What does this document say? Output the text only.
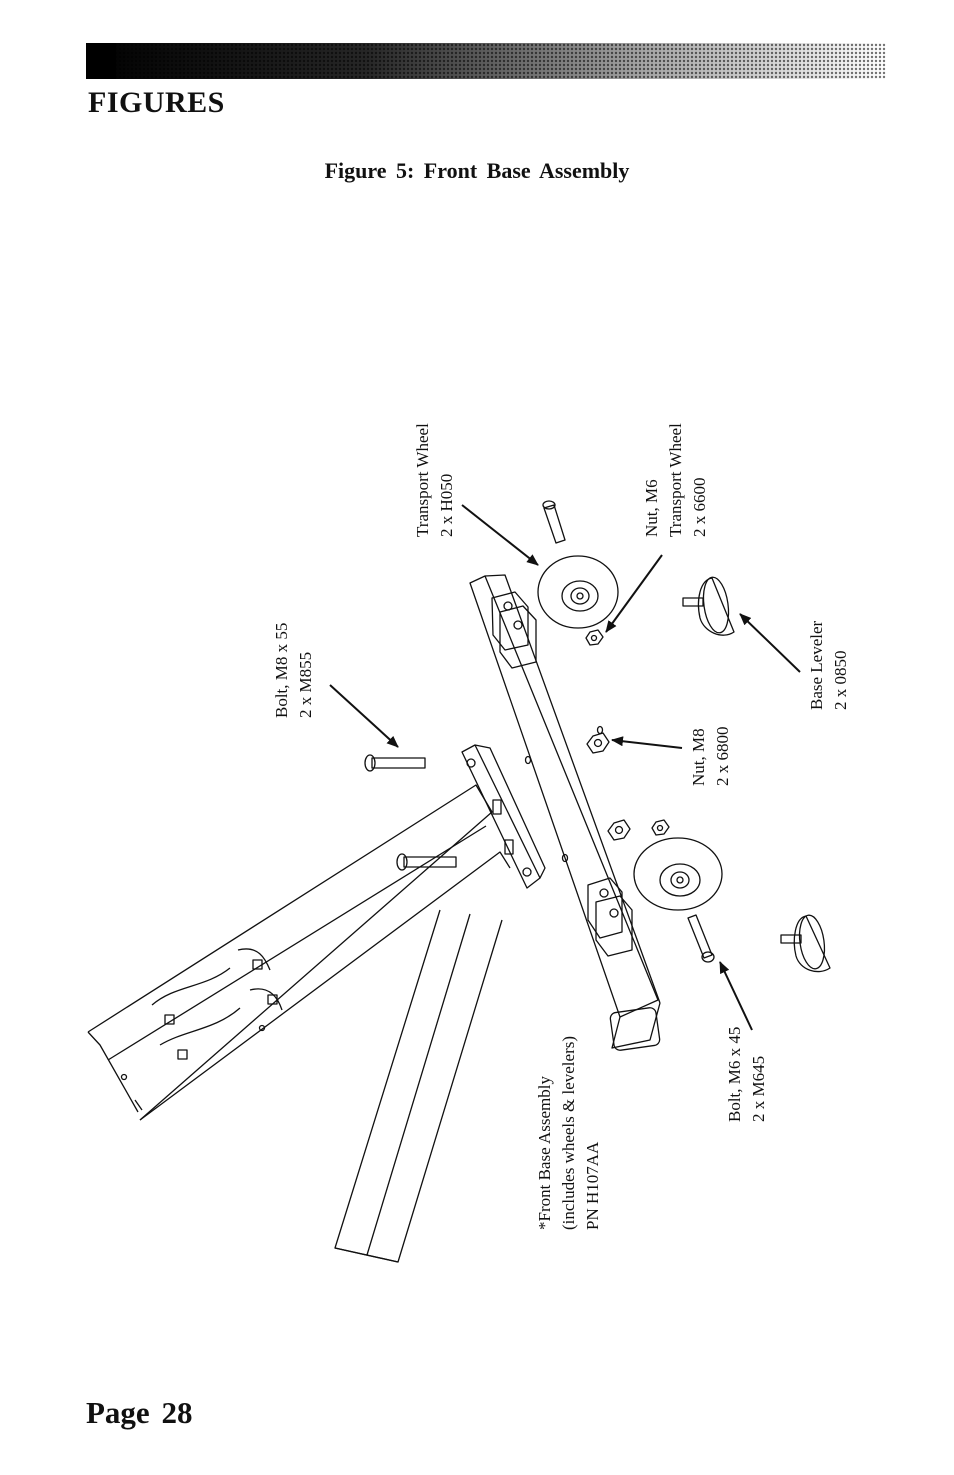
FIGURES
Figure 5: Front Base Assembly
Transport Wheel 2 x H050	Nut, M6 Transport Wheel 2 x 6600
Bolt, M8 x 55 2 x M855	Base Leveler 2 x 0850
Nut, M8 2 x 6800
Bolt, M6 x 45 2 x M645
*Front Base Assembly (includes wheels & levelers) PN H107AA
Page 28
